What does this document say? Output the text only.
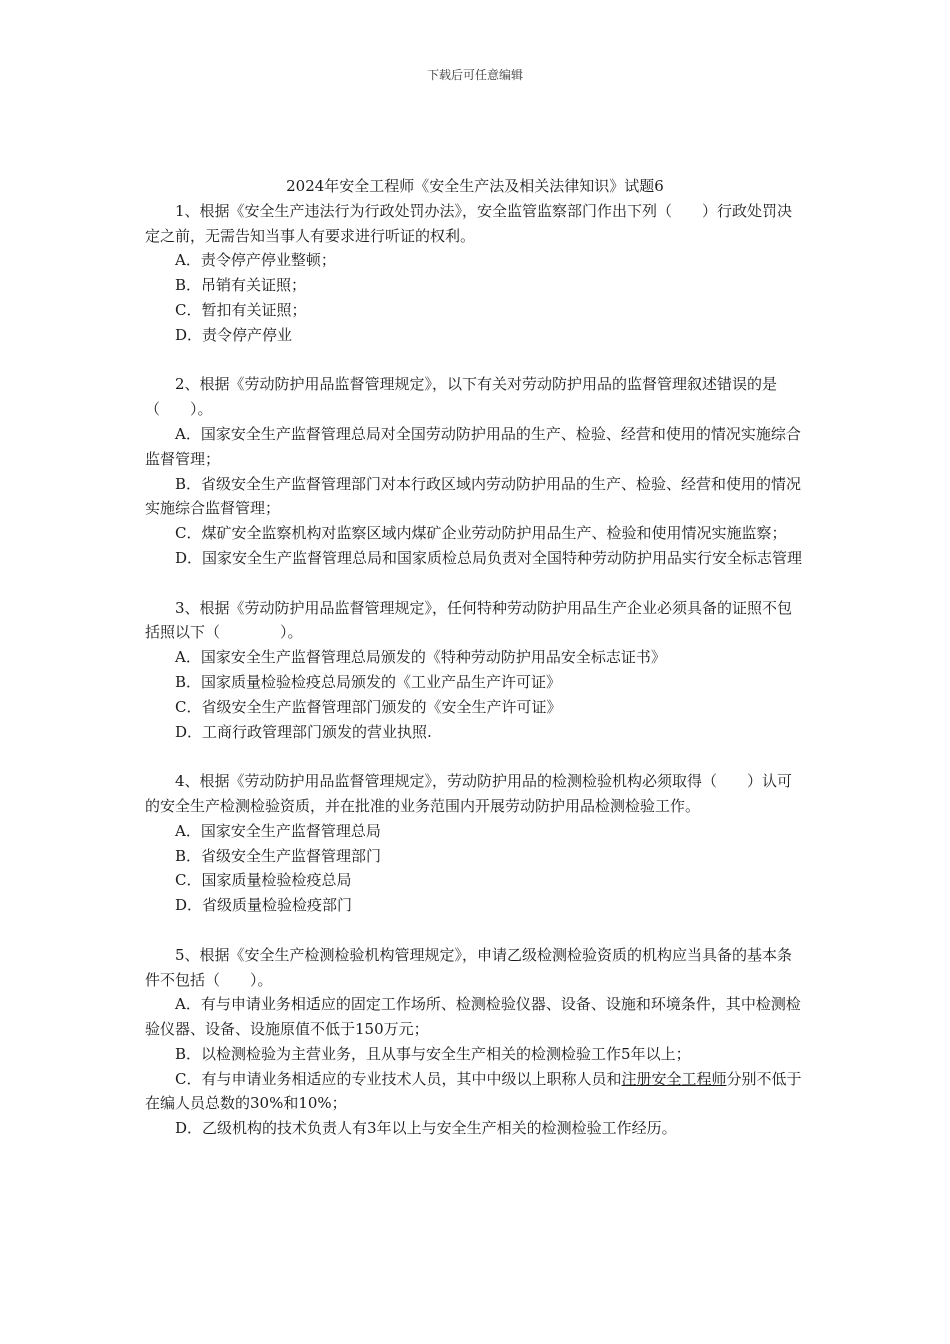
下载后可任意编辑

2024年安全工程师《安全生产法及相关法律知识》试题6

1、根据《安全生产违法行为行政处罚办法》，安全监管监察部门作出下列（　　）行政处罚决定之前，无需告知当事人有要求进行听证的权利。

A．责令停产停业整顿；

B．吊销有关证照；

C．暂扣有关证照；

D．责令停产停业

2、根据《劳动防护用品监督管理规定》，以下有关对劳动防护用品的监督管理叙述错误的是（　　）。

A．国家安全生产监督管理总局对全国劳动防护用品的生产、检验、经营和使用的情况实施综合监督管理；

B．省级安全生产监督管理部门对本行政区域内劳动防护用品的生产、检验、经营和使用的情况实施综合监督管理；

C．煤矿安全监察机构对监察区域内煤矿企业劳动防护用品生产、检验和使用情况实施监察；

D．国家安全生产监督管理总局和国家质检总局负责对全国特种劳动防护用品实行安全标志管理

3、根据《劳动防护用品监督管理规定》，任何特种劳动防护用品生产企业必须具备的证照不包括照以下（　　　　）。

A．国家安全生产监督管理总局颁发的《特种劳动防护用品安全标志证书》

B．国家质量检验检疫总局颁发的《工业产品生产许可证》

C．省级安全生产监督管理部门颁发的《安全生产许可证》

D．工商行政管理部门颁发的营业执照.

4、根据《劳动防护用品监督管理规定》，劳动防护用品的检测检验机构必须取得（　　）认可的安全生产检测检验资质，并在批准的业务范围内开展劳动防护用品检测检验工作。

A．国家安全生产监督管理总局

B．省级安全生产监督管理部门

C．国家质量检验检疫总局

D．省级质量检验检疫部门

5、根据《安全生产检测检验机构管理规定》，申请乙级检测检验资质的机构应当具备的基本条件不包括（　　）。

A．有与申请业务相适应的固定工作场所、检测检验仪器、设备、设施和环境条件，其中检测检验仪器、设备、设施原值不低于150万元；

B．以检测检验为主营业务，且从事与安全生产相关的检测检验工作5年以上；

C．有与申请业务相适应的专业技术人员，其中中级以上职称人员和注册安全工程师分别不低于在编人员总数的30%和10%；

D．乙级机构的技术负责人有3年以上与安全生产相关的检测检验工作经历。
